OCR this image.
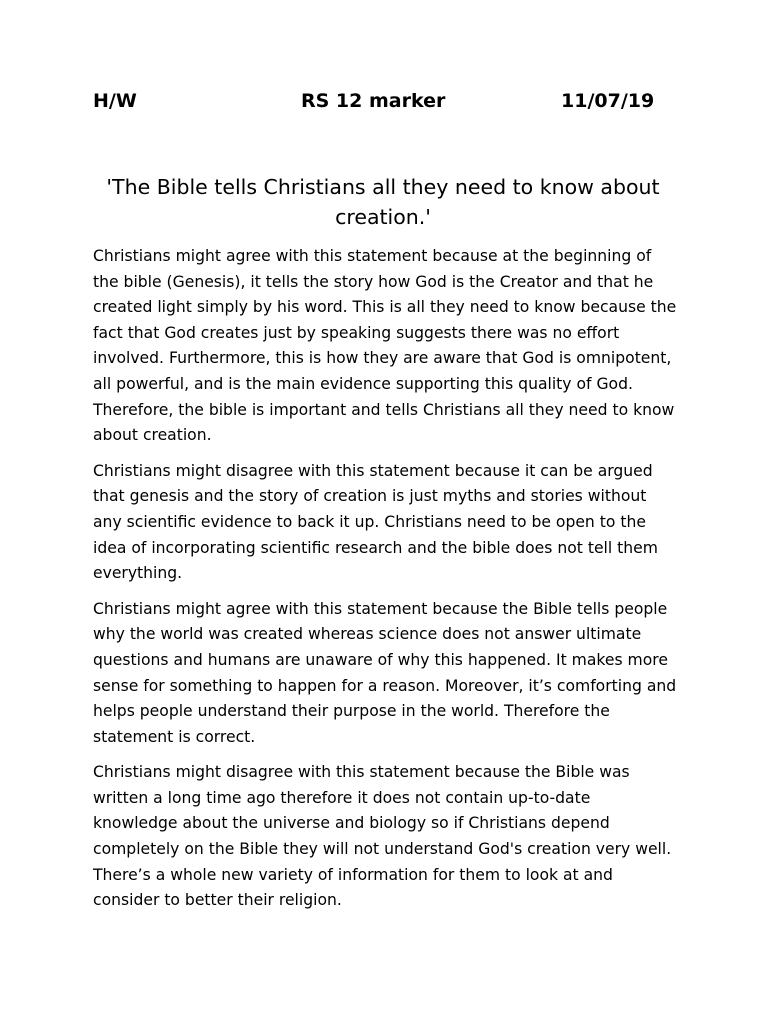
H/W	RS 12 marker	11/07/19
'The Bible tells Christians all they need to know about creation.'

Christians might agree with this statement because at the beginning of the bible (Genesis), it tells the story how God is the Creator and that he created light simply by his word. This is all they need to know because the fact that God creates just by speaking suggests there was no effort involved. Furthermore, this is how they are aware that God is omnipotent, all powerful, and is the main evidence supporting this quality of God. Therefore, the bible is important and tells Christians all they need to know about creation.

Christians might disagree with this statement because it can be argued that genesis and the story of creation is just myths and stories without any scientific evidence to back it up. Christians need to be open to the idea of incorporating scientific research and the bible does not tell them everything.

Christians might agree with this statement because the Bible tells people why the world was created whereas science does not answer ultimate questions and humans are unaware of why this happened. It makes more sense for something to happen for a reason. Moreover, it’s comforting and helps people understand their purpose in the world. Therefore the statement is correct.

Christians might disagree with this statement because the Bible was written a long time ago therefore it does not contain up-to-date knowledge about the universe and biology so if Christians depend completely on the Bible they will not understand God's creation very well. There’s a whole new variety of information for them to look at and consider to better their religion.
